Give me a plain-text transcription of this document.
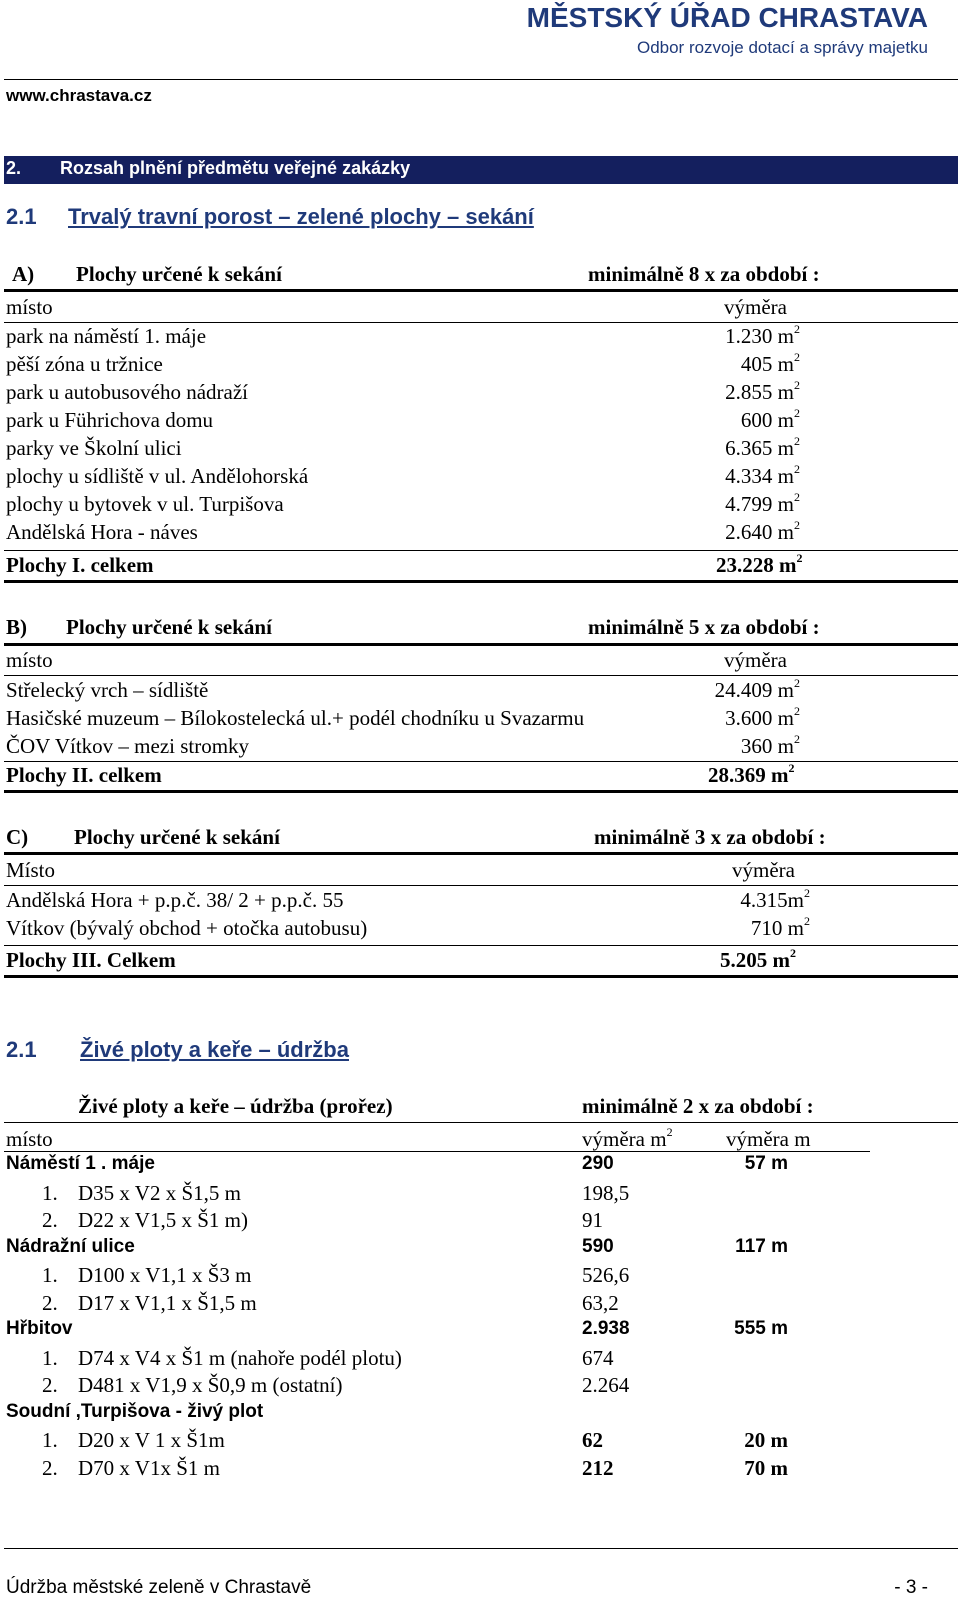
MĚSTSKÝ ÚŘAD CHRASTAVA
Odbor rozvoje dotací a správy majetku
www.chrastava.cz
2. Rozsah plnění předmětu veřejné zakázky
2.1 Trvalý travní porost – zelené plochy – sekání
A) Plochy určené k sekání	minimálně 8 x za období :
místo	výměra
park na náměstí 1. máje	1.230 $m^2$
pěší zóna u tržnice	405 $m^2$
park u autobusového nádraží	2.855 $m^2$
park u Führichova domu	600 $m^2$
parky ve Školní ulici	6.365 $m^2$
plochy u sídliště v ul. Andělohorská	4.334 $m^2$
plochy u bytovek v ul. Turpišova	4.799 $m^2$
Andělská Hora - náves	2.640 $m^2$
Plochy I. celkem	23.228 $m^2$
B) Plochy určené k sekání	minimálně 5 x za období :
místo	výměra
Střelecký vrch – sídliště	24.409 $m^2$
Hasičské muzeum – Bílokostelecká ul.+ podél chodníku u Svazarmu	3.600 $m^2$
ČOV Vítkov – mezi stromky	360 $m^2$
Plochy II. celkem	28.369 $m^2$
C) Plochy určené k sekání	minimálně 3 x za období :
Místo	výměra
Andělská Hora + p.p.č. 38/ 2 + p.p.č. 55	$4.315m^2$
Vítkov (bývalý obchod + otočka autobusu)	710 $m^2$
Plochy III. Celkem	5.205 $m^2$
2.1 Živé ploty a keře – údržba
Živé ploty a keře – údržba (prořez)	minimálně 2 x za období :
místo	výměra $m^2$	výměra m
Náměstí 1 . máje	290	57 m
1. D35 x V2 x Š1,5 m	198,5
2. D22 x V1,5 x Š1 m)	91
Nádražní ulice	590	117 m
1. D100 x V1,1 x Š3 m	526,6
2. D17 x V1,1 x Š1,5 m	63,2
Hřbitov	2.938	555 m
1. D74 x V4 x Š1 m (nahoře podél plotu)	674
2. D481 x V1,9 x Š0,9 m (ostatní)	2.264
Soudní ,Turpišova - živý plot
1. D20 x V 1 x Š1m	62	20 m
2. D70 x V1x Š1 m	212	70 m
Údržba městské zeleně v Chrastavě	- 3 -
